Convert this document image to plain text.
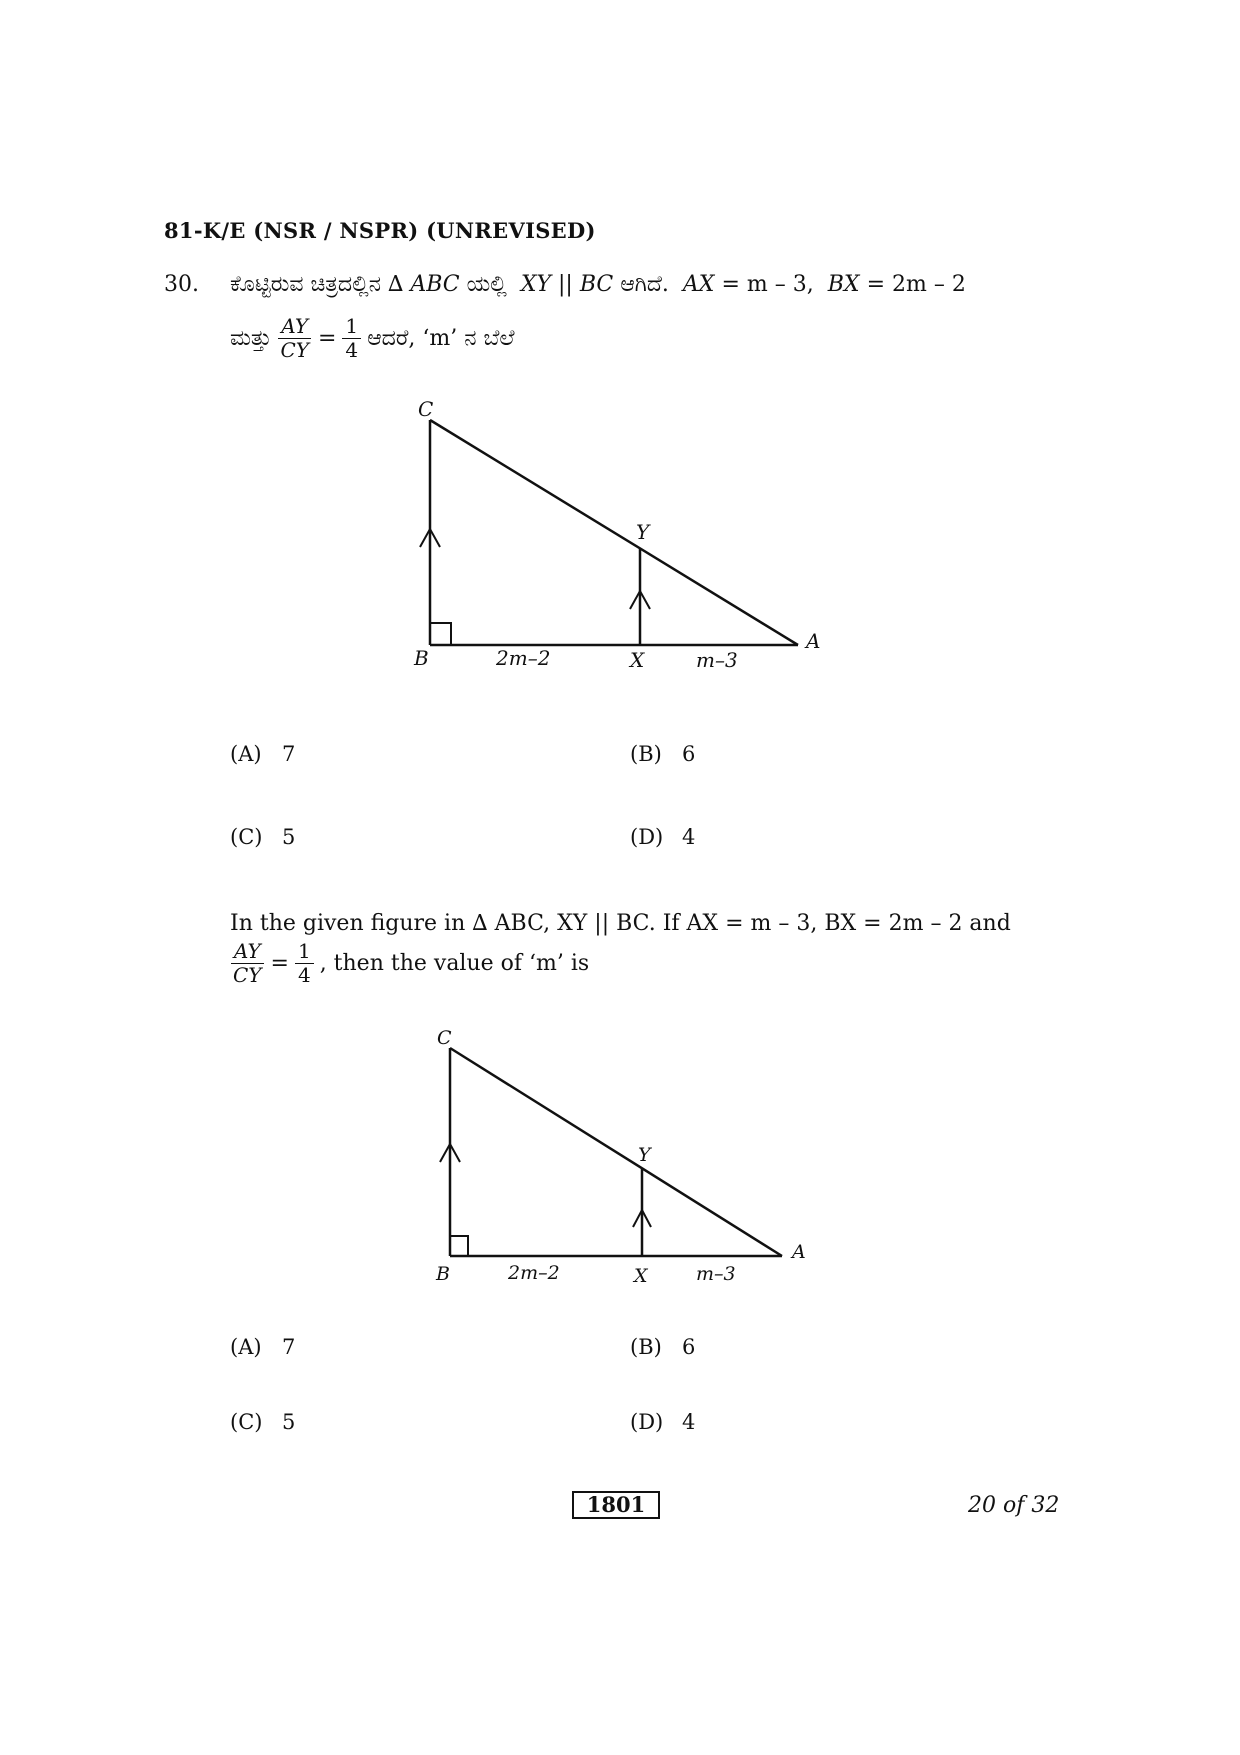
81-K/E (NSR / NSPR) (UNREVISED)
30. ಕೊಟ್ಟಿರುವ ಚಿತ್ರದಲ್ಲಿನ ∆ ABC ಯಲ್ಲಿ XY || BC ಆಗಿದೆ. AX = m – 3, BX = 2m – 2
ಮತ್ತು $\frac{AY}{CY} = \frac{1}{4}$ ಆದರೆ, ‘m’ ನ ಬೆಲೆ
C
Y
B	X
A
2m–2	m–3
(A) 7	(B) 6
(C) 5	(D) 4
In the given figure in ∆ ABC, XY || BC. If AX = m – 3, BX = 2m – 2 and
$\frac{AY}{CY} = \frac{1}{4}$ , then the value of ‘m’ is
C
Y
B	X
A
2m–2	m–3
(A) 7	(B) 6
(C) 5	(D) 4
1801	20 of 32
